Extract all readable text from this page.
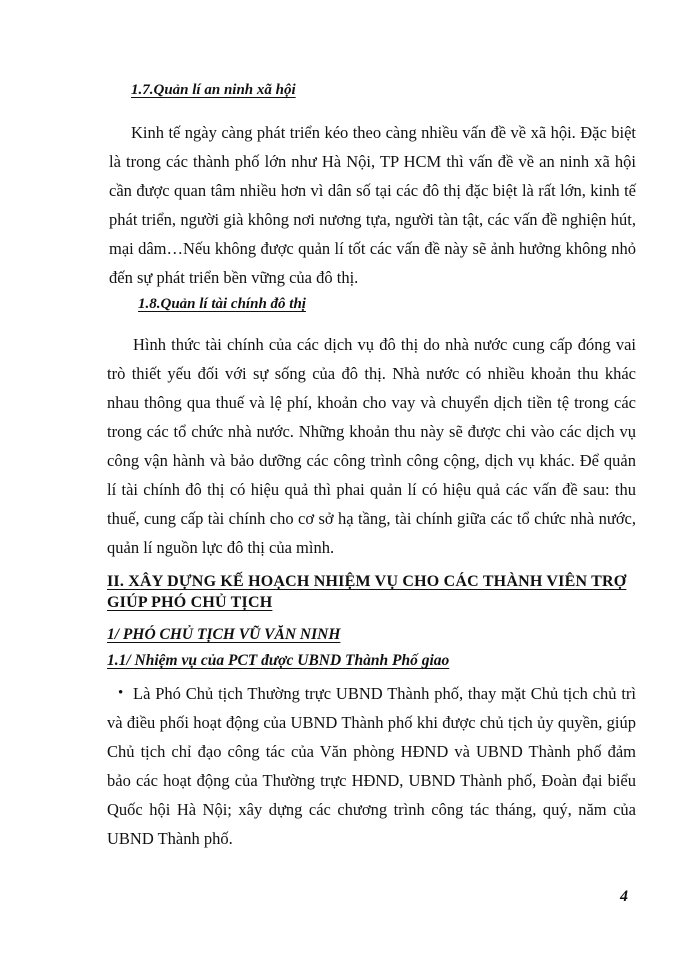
1.7.Quản lí an ninh xã hội
Kinh tế ngày càng phát triển kéo theo càng nhiều vấn đề về xã hội. Đặc biệt là trong các thành phố lớn như Hà Nội, TP HCM thì vấn đề về an ninh xã hội cần được quan tâm nhiều hơn vì dân số tại các đô thị đặc biệt là rất lớn, kinh tế phát triển, người già không nơi nương tựa, người tàn tật, các vấn đề nghiện hút, mại dâm…Nếu không được quản lí tốt các vấn đề này sẽ ảnh hưởng không nhỏ đến sự phát triển bền vững của đô thị.
1.8.Quản lí tài chính đô thị
Hình thức tài chính của các dịch vụ đô thị do nhà nước cung cấp đóng vai trò thiết yếu đối với sự sống của đô thị. Nhà nước có nhiều khoản thu khác nhau thông qua thuế và lệ phí, khoản cho vay và chuyển dịch tiền tệ trong các trong các tổ chức nhà nước. Những khoản thu này sẽ được chi vào các dịch vụ công vận hành và bảo dưỡng các công trình công cộng, dịch vụ khác. Để quản lí tài chính đô thị có hiệu quả thì phai quản lí có hiệu quả các vấn đề sau: thu thuế, cung cấp tài chính cho cơ sở hạ tầng, tài chính giữa các tổ chức nhà nước, quản lí nguồn lực đô thị của mình.
II. XÂY DỰNG KẾ HOẠCH NHIỆM VỤ CHO CÁC THÀNH VIÊN TRỢ GIÚP PHÓ CHỦ TỊCH
1/ PHÓ CHỦ TỊCH VŨ VĂN NINH
1.1/ Nhiệm vụ của PCT được UBND Thành Phố giao
• Là Phó Chủ tịch Thường trực UBND Thành phố, thay mặt Chủ tịch chủ trì và điều phối hoạt động của UBND Thành phố khi được chủ tịch ủy quyền, giúp Chủ tịch chỉ đạo công tác của Văn phòng HĐND và UBND Thành phố đảm bảo các hoạt động của Thường trực HĐND, UBND Thành phố, Đoàn đại biểu Quốc hội Hà Nội; xây dựng các chương trình công tác tháng, quý, năm của UBND Thành phố.
4
